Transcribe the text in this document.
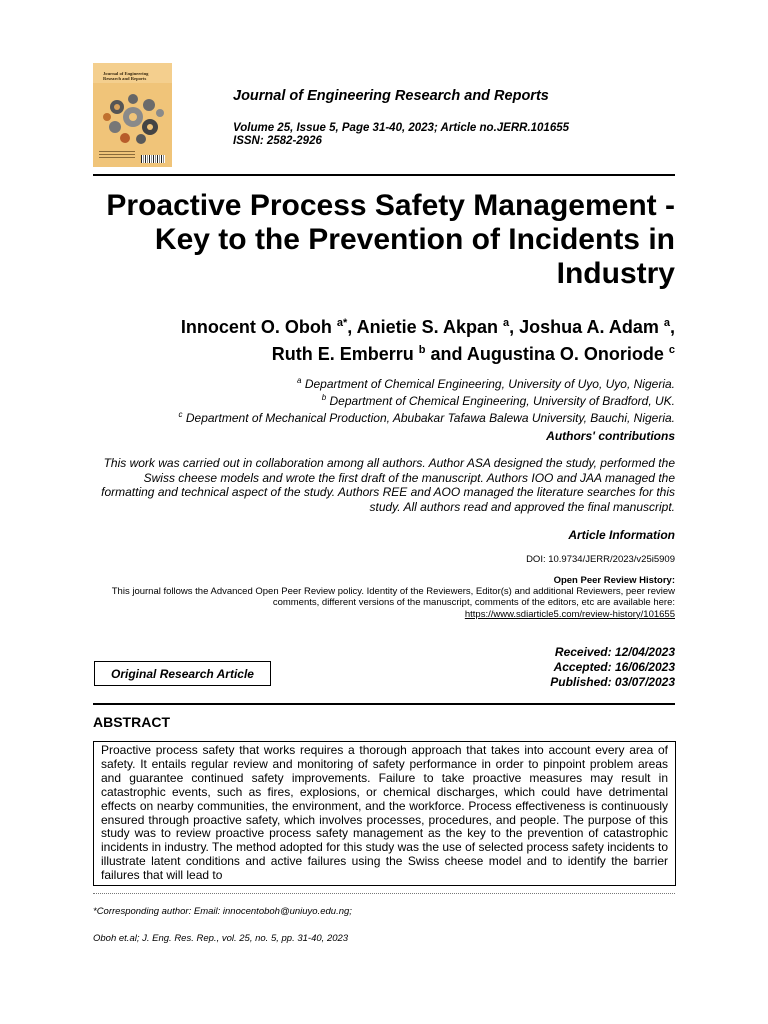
Journal of Engineering
Research and Reports
Journal of Engineering Research and Reports
Volume 25, Issue 5, Page 31-40, 2023; Article no.JERR.101655
ISSN: 2582-2926
Proactive Process Safety Management - Key to the Prevention of Incidents in Industry
Innocent O. Oboh $^{a*}$, Anietie S. Akpan $^a$, Joshua A. Adam $^a$,
Ruth E. Emberru $^b$ and Augustina O. Onoriode $^c$
$^a$ Department of Chemical Engineering, University of Uyo, Uyo, Nigeria.
$^b$ Department of Chemical Engineering, University of Bradford, UK.
$^c$ Department of Mechanical Production, Abubakar Tafawa Balewa University, Bauchi, Nigeria.
Authors' contributions
This work was carried out in collaboration among all authors. Author ASA designed the study, performed the Swiss cheese models and wrote the first draft of the manuscript. Authors IOO and JAA managed the formatting and technical aspect of the study. Authors REE and AOO managed the literature searches for this study. All authors read and approved the final manuscript.
Article Information
DOI: 10.9734/JERR/2023/v25i5909
Open Peer Review History:
This journal follows the Advanced Open Peer Review policy. Identity of the Reviewers, Editor(s) and additional Reviewers, peer review comments, different versions of the manuscript, comments of the editors, etc are available here:
https://www.sdiarticle5.com/review-history/101655
Original Research Article
Received: 12/04/2023
Accepted: 16/06/2023
Published: 03/07/2023
ABSTRACT
Proactive process safety that works requires a thorough approach that takes into account every area of safety. It entails regular review and monitoring of safety performance in order to pinpoint problem areas and guarantee continued safety improvements. Failure to take proactive measures may result in catastrophic events, such as fires, explosions, or chemical discharges, which could have detrimental effects on nearby communities, the environment, and the workforce. Process effectiveness is continuously ensured through proactive safety, which involves processes, procedures, and people. The purpose of this study was to review proactive process safety management as the key to the prevention of catastrophic incidents in industry. The method adopted for this study was the use of selected process safety incidents to illustrate latent conditions and active failures using the Swiss cheese model and to identify the barrier failures that will lead to
*Corresponding author: Email: innocentoboh@uniuyo.edu.ng;
Oboh et.al; J. Eng. Res. Rep., vol. 25, no. 5, pp. 31-40, 2023
